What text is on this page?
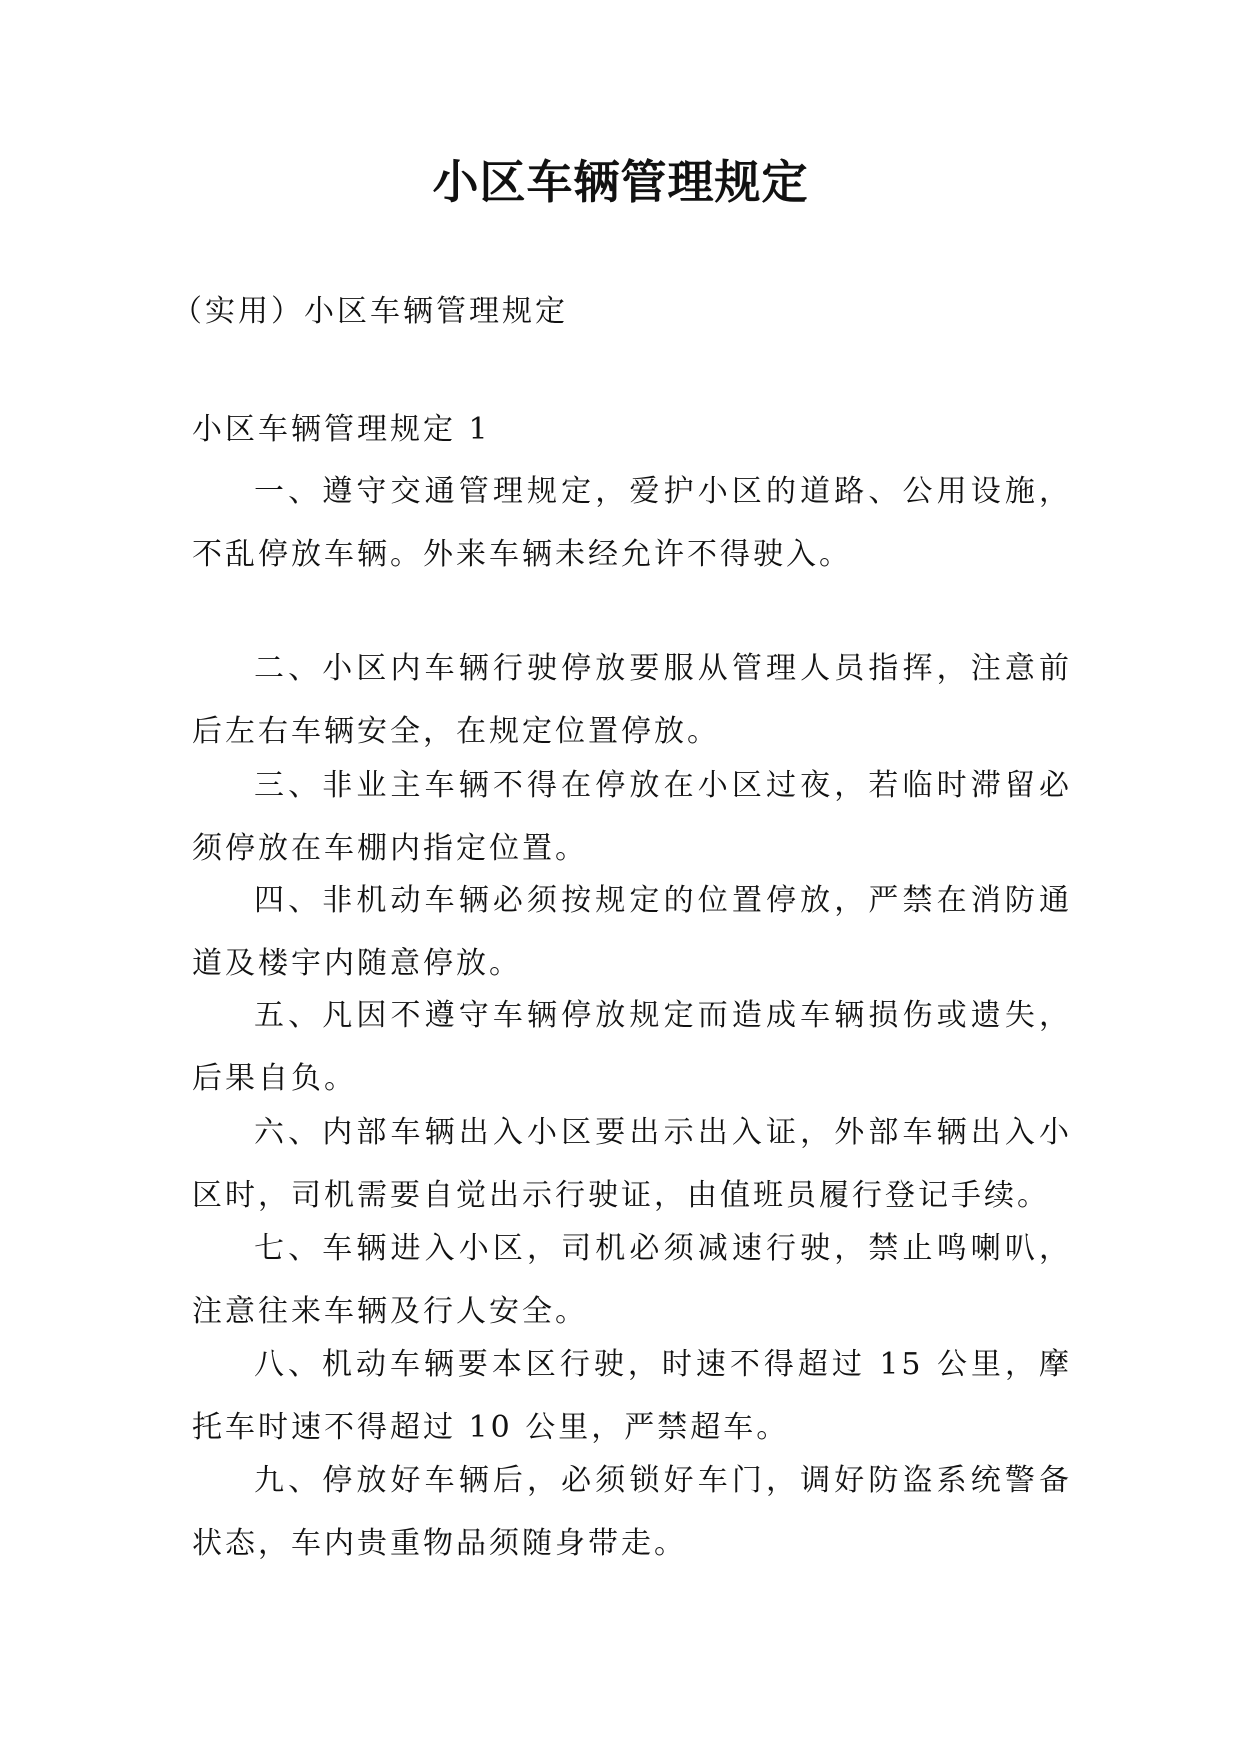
小区车辆管理规定
（实用）小区车辆管理规定
小区车辆管理规定 1
一、遵守交通管理规定，爱护小区的道路、公用设施，不乱停放车辆。外来车辆未经允许不得驶入。
二、小区内车辆行驶停放要服从管理人员指挥，注意前后左右车辆安全，在规定位置停放。
三、非业主车辆不得在停放在小区过夜，若临时滞留必须停放在车棚内指定位置。
四、非机动车辆必须按规定的位置停放，严禁在消防通道及楼宇内随意停放。
五、凡因不遵守车辆停放规定而造成车辆损伤或遗失，后果自负。
六、内部车辆出入小区要出示出入证，外部车辆出入小区时，司机需要自觉出示行驶证，由值班员履行登记手续。
七、车辆进入小区，司机必须减速行驶，禁止鸣喇叭，注意往来车辆及行人安全。
八、机动车辆要本区行驶，时速不得超过 15 公里，摩托车时速不得超过 10 公里，严禁超车。
九、停放好车辆后，必须锁好车门，调好防盗系统警备状态，车内贵重物品须随身带走。
